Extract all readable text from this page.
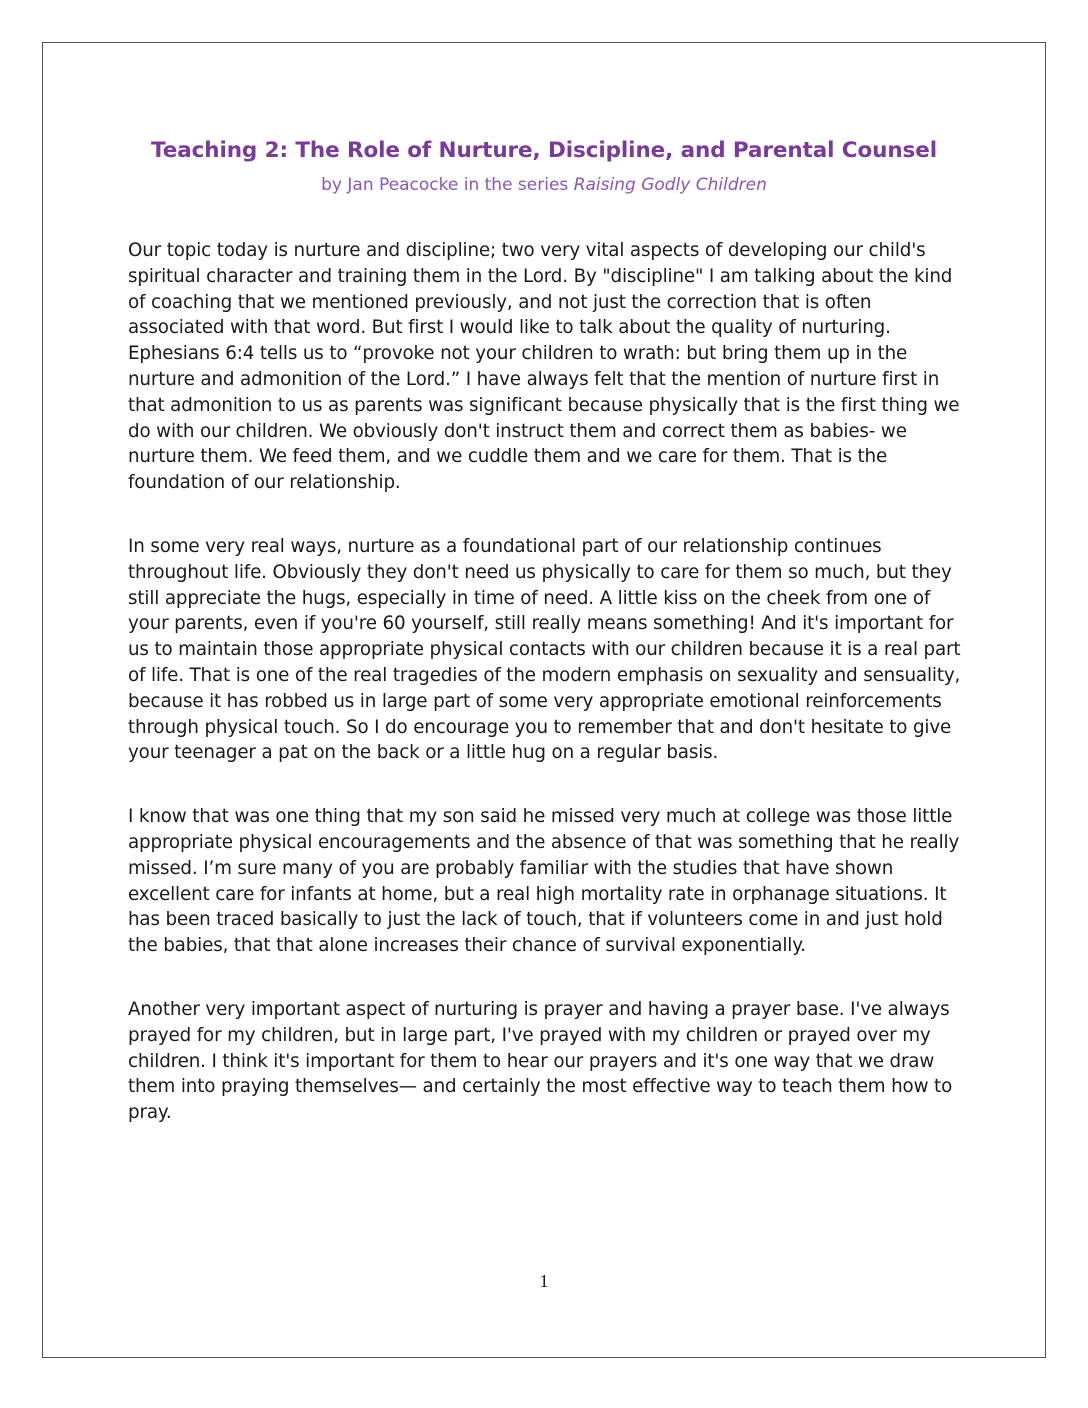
Teaching 2: The Role of Nurture, Discipline, and Parental Counsel
by Jan Peacocke in the series Raising Godly Children

Our topic today is nurture and discipline; two very vital aspects of developing our child's spiritual character and training them in the Lord. By "discipline" I am talking about the kind of coaching that we mentioned previously, and not just the correction that is often associated with that word. But first I would like to talk about the quality of nurturing. Ephesians 6:4 tells us to “provoke not your children to wrath: but bring them up in the nurture and admonition of the Lord.” I have always felt that the mention of nurture first in that admonition to us as parents was significant because physically that is the first thing we do with our children. We obviously don't instruct them and correct them as babies- we nurture them. We feed them, and we cuddle them and we care for them. That is the foundation of our relationship.

In some very real ways, nurture as a foundational part of our relationship continues throughout life. Obviously they don't need us physically to care for them so much, but they still appreciate the hugs, especially in time of need. A little kiss on the cheek from one of your parents, even if you're 60 yourself, still really means something! And it's important for us to maintain those appropriate physical contacts with our children because it is a real part of life. That is one of the real tragedies of the modern emphasis on sexuality and sensuality, because it has robbed us in large part of some very appropriate emotional reinforcements through physical touch. So I do encourage you to remember that and don't hesitate to give your teenager a pat on the back or a little hug on a regular basis.

I know that was one thing that my son said he missed very much at college was those little appropriate physical encouragements and the absence of that was something that he really missed. I’m sure many of you are probably familiar with the studies that have shown excellent care for infants at home, but a real high mortality rate in orphanage situations. It has been traced basically to just the lack of touch, that if volunteers come in and just hold the babies, that that alone increases their chance of survival exponentially.

Another very important aspect of nurturing is prayer and having a prayer base. I've always prayed for my children, but in large part, I've prayed with my children or prayed over my children. I think it's important for them to hear our prayers and it's one way that we draw them into praying themselves— and certainly the most effective way to teach them how to pray.

1
